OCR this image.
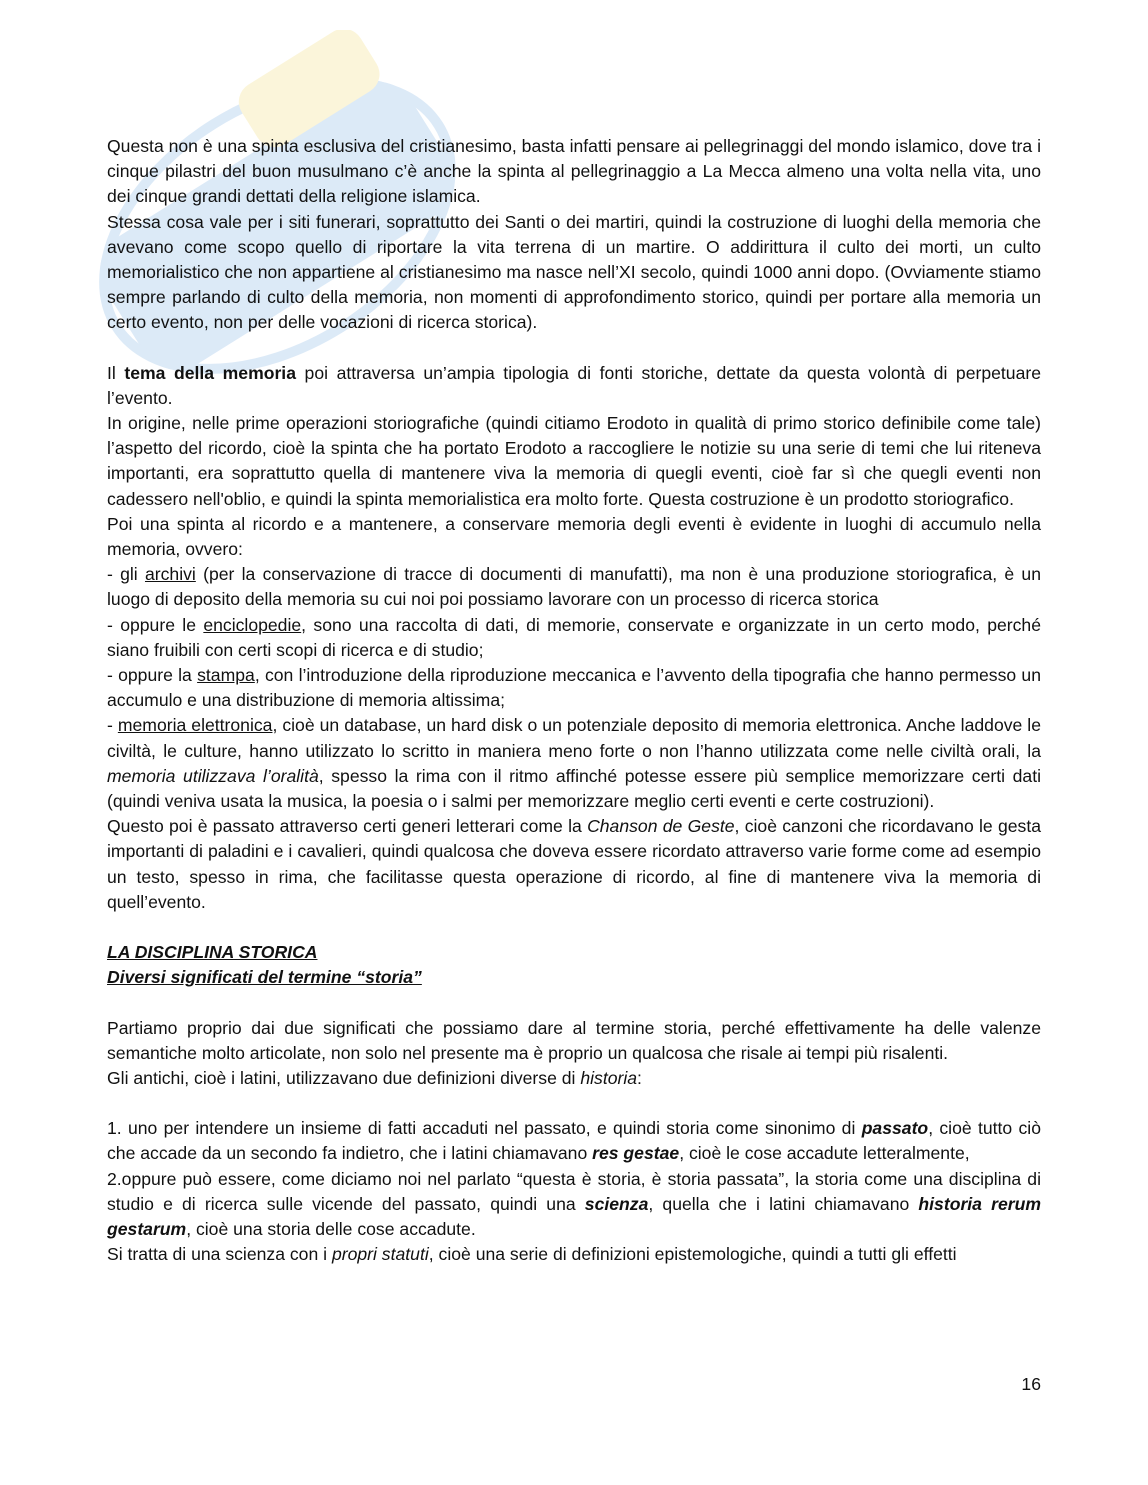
Questa non è una spinta esclusiva del cristianesimo, basta infatti pensare ai pellegrinaggi del mondo islamico, dove tra i cinque pilastri del buon musulmano c’è anche la spinta al pellegrinaggio a La Mecca almeno una volta nella vita, uno dei cinque grandi dettati della religione islamica.

Stessa cosa vale per i siti funerari, soprattutto dei Santi o dei martiri, quindi la costruzione di luoghi della memoria che avevano come scopo quello di riportare la vita terrena di un martire. O addirittura il culto dei morti, un culto memorialistico che non appartiene al cristianesimo ma nasce nell’XI secolo, quindi 1000 anni dopo. (Ovviamente stiamo sempre parlando di culto della memoria, non momenti di approfondimento storico, quindi per portare alla memoria un certo evento, non per delle vocazioni di ricerca storica).

Il tema della memoria poi attraversa un’ampia tipologia di fonti storiche, dettate da questa volontà di perpetuare l’evento.

In origine, nelle prime operazioni storiografiche (quindi citiamo Erodoto in qualità di primo storico definibile come tale) l’aspetto del ricordo, cioè la spinta che ha portato Erodoto a raccogliere le notizie su una serie di temi che lui riteneva importanti, era soprattutto quella di mantenere viva la memoria di quegli eventi, cioè far sì che quegli eventi non cadessero nell'oblio, e quindi la spinta memorialistica era molto forte. Questa costruzione è un prodotto storiografico.

Poi una spinta al ricordo e a mantenere, a conservare memoria degli eventi è evidente in luoghi di accumulo nella memoria, ovvero:

- gli archivi (per la conservazione di tracce di documenti di manufatti), ma non è una produzione storiografica, è un luogo di deposito della memoria su cui noi poi possiamo lavorare con un processo di ricerca storica

- oppure le enciclopedie, sono una raccolta di dati, di memorie, conservate e organizzate in un certo modo, perché siano fruibili con certi scopi di ricerca e di studio;

- oppure la stampa, con l’introduzione della riproduzione meccanica e l’avvento della tipografia che hanno permesso un accumulo e una distribuzione di memoria altissima;

- memoria elettronica, cioè un database, un hard disk o un potenziale deposito di memoria elettronica. Anche laddove le civiltà, le culture, hanno utilizzato lo scritto in maniera meno forte o non l’hanno utilizzata come nelle civiltà orali, la memoria utilizzava l’oralità, spesso la rima con il ritmo affinché potesse essere più semplice memorizzare certi dati (quindi veniva usata la musica, la poesia o i salmi per memorizzare meglio certi eventi e certe costruzioni).

Questo poi è passato attraverso certi generi letterari come la Chanson de Geste, cioè canzoni che ricordavano le gesta importanti di paladini e i cavalieri, quindi qualcosa che doveva essere ricordato attraverso varie forme come ad esempio un testo, spesso in rima, che facilitasse questa operazione di ricordo, al fine di mantenere viva la memoria di quell’evento.

LA DISCIPLINA STORICA

Diversi significati del termine “storia”

Partiamo proprio dai due significati che possiamo dare al termine storia, perché effettivamente ha delle valenze semantiche molto articolate, non solo nel presente ma è proprio un qualcosa che risale ai tempi più risalenti.

Gli antichi, cioè i latini, utilizzavano due definizioni diverse di historia:

1. uno per intendere un insieme di fatti accaduti nel passato, e quindi storia come sinonimo di passato, cioè tutto ciò che accade da un secondo fa indietro, che i latini chiamavano res gestae, cioè le cose accadute letteralmente,

2.oppure può essere, come diciamo noi nel parlato “questa è storia, è storia passata”, la storia come una disciplina di studio e di ricerca sulle vicende del passato, quindi una scienza, quella che i latini chiamavano historia rerum gestarum, cioè una storia delle cose accadute.

Si tratta di una scienza con i propri statuti, cioè una serie di definizioni epistemologiche, quindi a tutti gli effetti

16
